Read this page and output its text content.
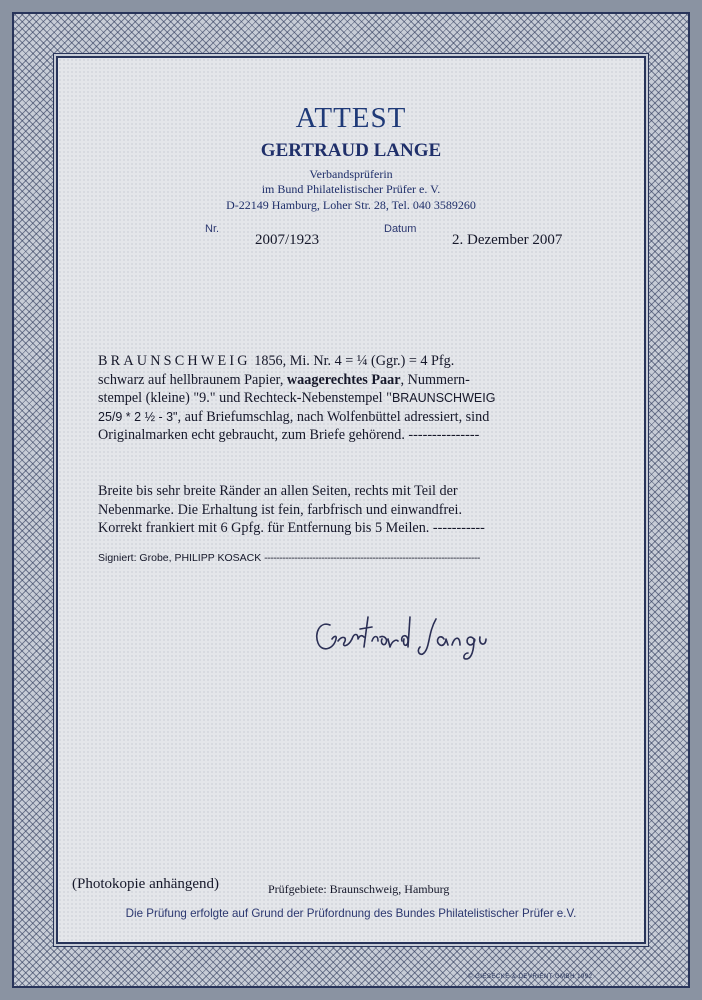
ATTEST
GERTRAUD LANGE
Verbandsprüferin
im Bund Philatelistischer Prüfer e. V.
D-22149 Hamburg, Loher Str. 28, Tel. 040 3589260
Nr.
2007/1923
Datum
2. Dezember 2007
BRAUNSCHWEIG 1856, Mi. Nr. 4 = ¼ (Ggr.) = 4 Pfg.
schwarz auf hellbraunem Papier, waagerechtes Paar, Nummern-
stempel (kleine) "9." und Rechteck-Nebenstempel "BRAUNSCHWEIG
25/9 * 2 ½ - 3", auf Briefumschlag, nach Wolfenbüttel adressiert, sind
Originalmarken echt gebraucht, zum Briefe gehörend. ---------------
Breite bis sehr breite Ränder an allen Seiten, rechts mit Teil der
Nebenmarke. Die Erhaltung ist fein, farbfrisch und einwandfrei.
Korrekt frankiert mit 6 Gpfg. für Entfernung bis 5 Meilen. -----------
Signiert: Grobe, PHILIPP KOSACK ------------------------------------------------------------------------
(Photokopie anhängend)	Prüfgebiete: Braunschweig, Hamburg
Die Prüfung erfolgte auf Grund der Prüfordnung des Bundes Philatelistischer Prüfer e.V.
© GIESECKE & DEVRIENT GMBH 1992
